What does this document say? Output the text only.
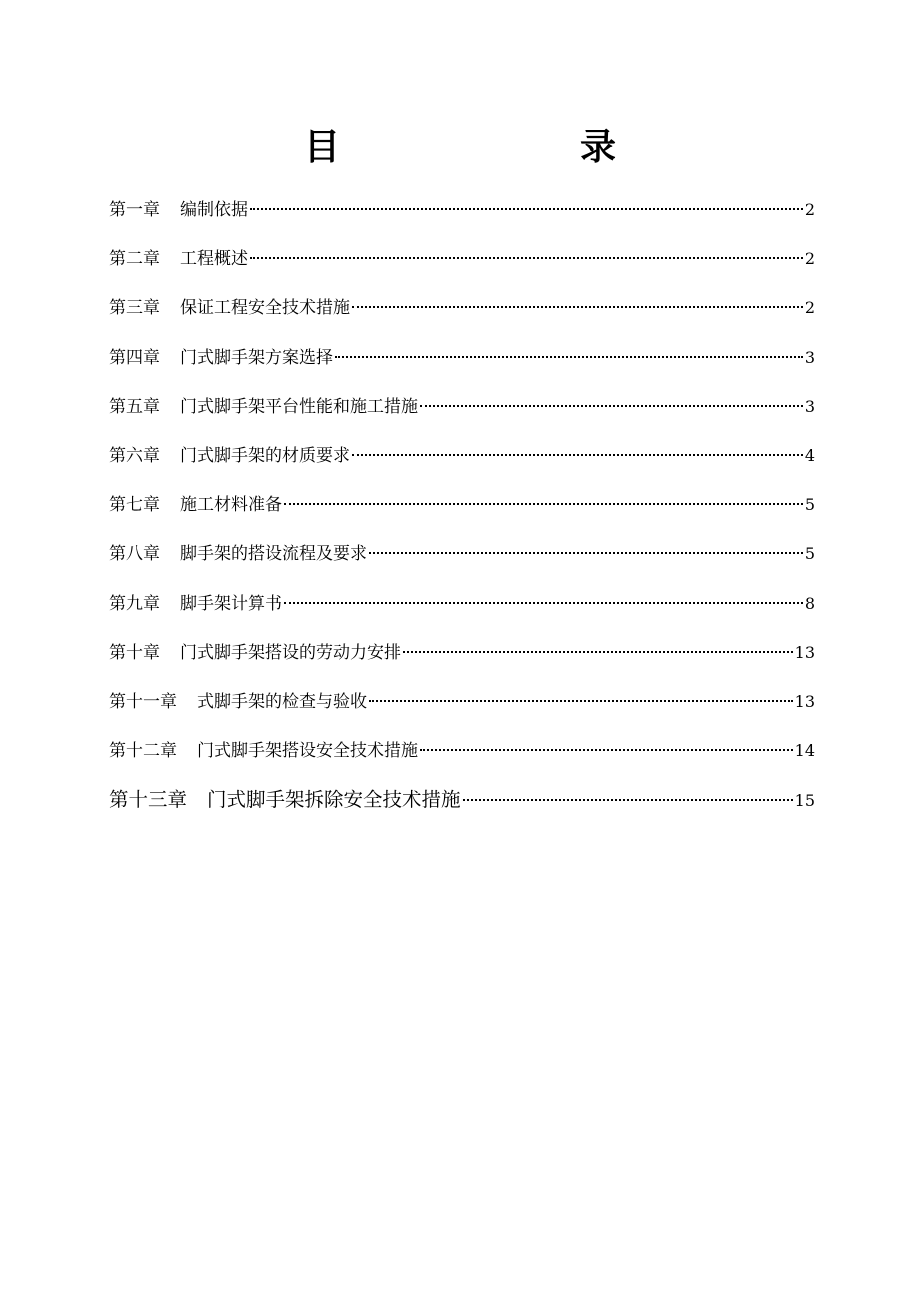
目　　录
第一章	编制依据	2
第二章	工程概述	2
第三章	保证工程安全技术措施	2
第四章	门式脚手架方案选择	3
第五章	门式脚手架平台性能和施工措施	3
第六章	门式脚手架的材质要求	4
第七章	施工材料准备	5
第八章	脚手架的搭设流程及要求	5
第九章	脚手架计算书	8
第十章	门式脚手架搭设的劳动力安排	13
第十一章	式脚手架的检查与验收	13
第十二章	门式脚手架搭设安全技术措施	14
第十三章	门式脚手架拆除安全技术措施	15
